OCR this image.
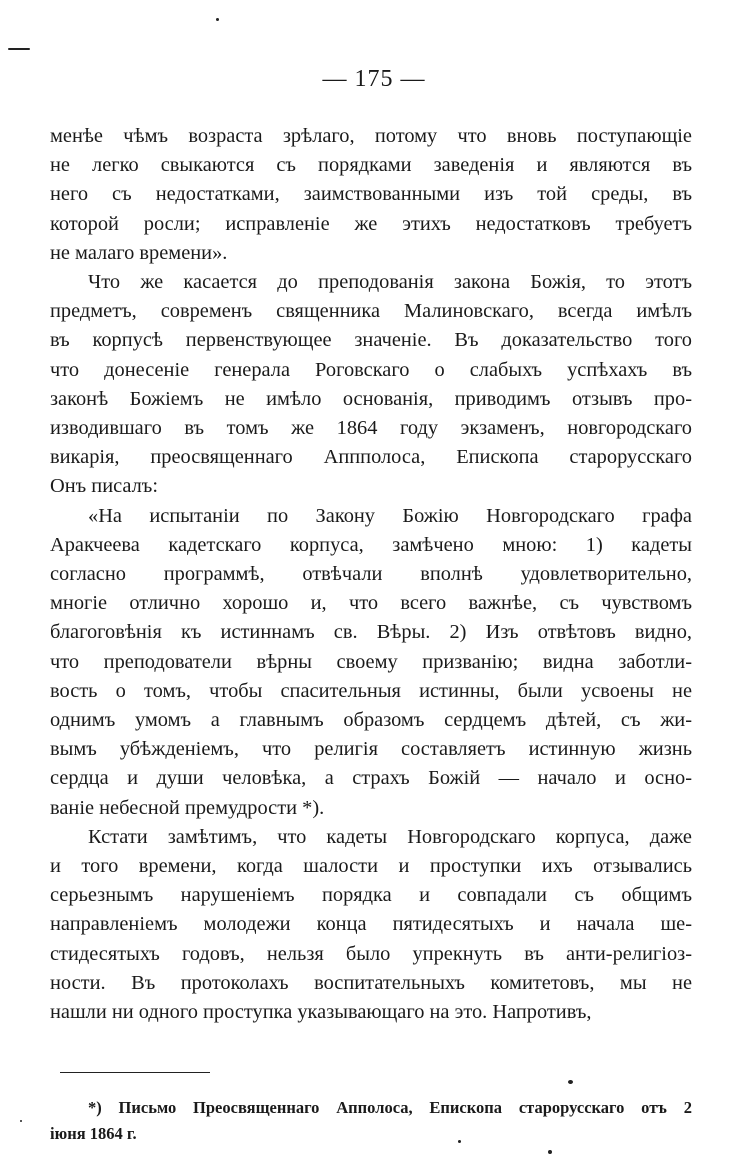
— 175 —
менѣе чѣмъ возраста зрѣлаго, потому что вновь поступающіе
не легко свыкаются съ порядками заведенія и являются въ
него съ недостатками, заимствованными изъ той среды, въ
которой росли; исправленіе же этихъ недостатковъ требуетъ
не малаго времени».
Что же касается до преподованія закона Божія, то этотъ
предметъ, современъ священника Малиновскаго, всегда имѣлъ
въ корпусѣ первенствующее значеніе. Въ доказательство того
что донесеніе генерала Роговскаго о слабыхъ успѣхахъ въ
законѣ Божіемъ не имѣло основанія, приводимъ отзывъ про-
изводившаго въ томъ же 1864 году экзаменъ, новгородскаго
викарія, преосвященнаго Аппполоса, Епископа старорусскаго
Онъ писалъ:
«На испытаніи по Закону Божію Новгородскаго графа
Аракчеева кадетскаго корпуса, замѣчено мною: 1) кадеты
согласно программѣ, отвѣчали вполнѣ удовлетворительно,
многіе отлично хорошо и, что всего важнѣе, съ чувствомъ
благоговѣнія къ истиннамъ св. Вѣры. 2) Изъ отвѣтовъ видно,
что преподователи вѣрны своему призванію; видна заботли-
вость о томъ, чтобы спасительныя истинны, были усвоены не
однимъ умомъ а главнымъ образомъ сердцемъ дѣтей, съ жи-
вымъ убѣжденіемъ, что религія составляетъ истинную жизнь
сердца и души человѣка, а страхъ Божій — начало и осно-
ваніе небесной премудрости *).
Кстати замѣтимъ, что кадеты Новгородскаго корпуса, даже
и того времени, когда шалости и проступки ихъ отзывались
серьезнымъ нарушеніемъ порядка и совпадали съ общимъ
направленіемъ молодежи конца пятидесятыхъ и начала ше-
стидесятыхъ годовъ, нельзя было упрекнуть въ анти-религіоз-
ности. Въ протоколахъ воспитательныхъ комитетовъ, мы не
нашли ни одного проступка указывающаго на это. Напротивъ,
*) Письмо Преосвященнаго Апполоса, Епископа старорусскаго отъ 2
іюня 1864 г.
